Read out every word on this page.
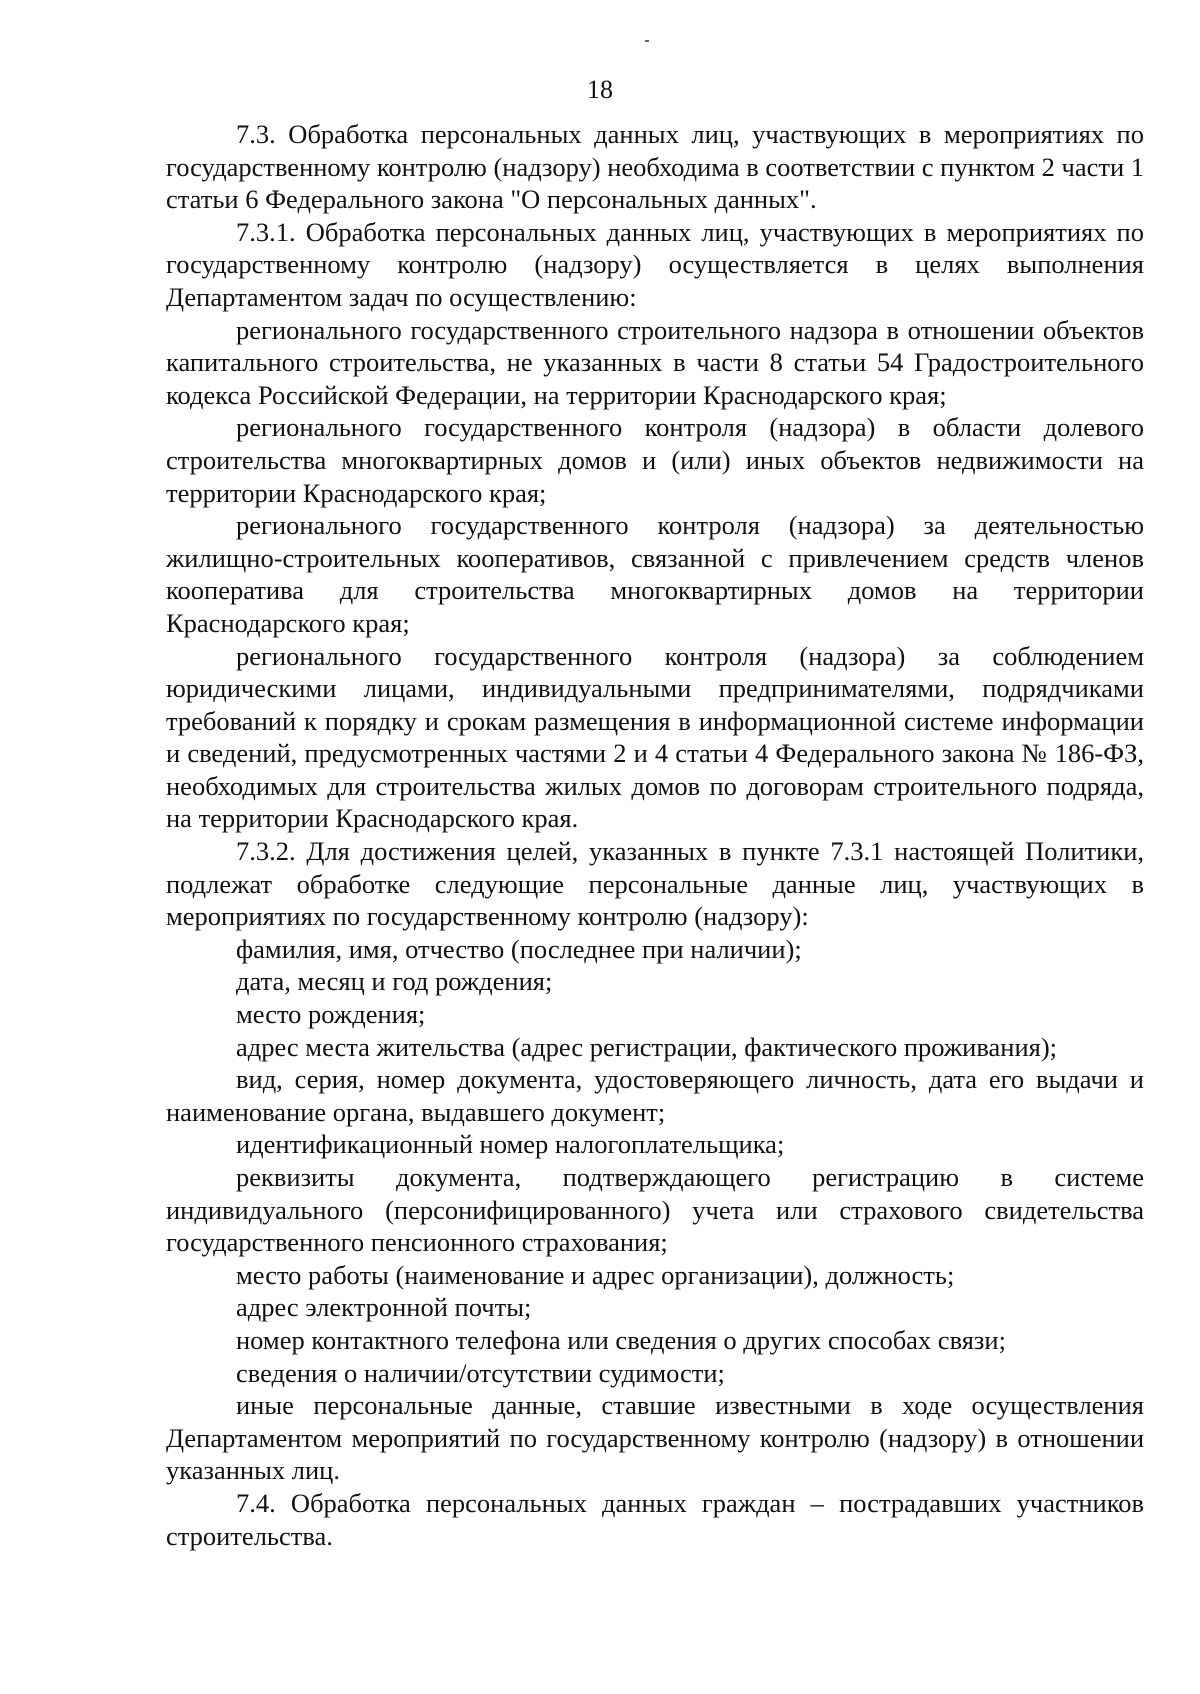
18

7.3. Обработка персональных данных лиц, участвующих в мероприятиях по государственному контролю (надзору) необходима в соответствии с пунктом 2 части 1 статьи 6 Федерального закона "О персональных данных".

7.3.1. Обработка персональных данных лиц, участвующих в мероприятиях по государственному контролю (надзору) осуществляется в целях выполнения Департаментом задач по осуществлению:

регионального государственного строительного надзора в отношении объектов капитального строительства, не указанных в части 8 статьи 54 Градостроительного кодекса Российской Федерации, на территории Краснодарского края;

регионального государственного контроля (надзора) в области долевого строительства многоквартирных домов и (или) иных объектов недвижимости на территории Краснодарского края;

регионального государственного контроля (надзора) за деятельностью жилищно-строительных кооперативов, связанной с привлечением средств членов кооператива для строительства многоквартирных домов на территории Краснодарского края;

регионального государственного контроля (надзора) за соблюдением юридическими лицами, индивидуальными предпринимателями, подрядчиками требований к порядку и срокам размещения в информационной системе информации и сведений, предусмотренных частями 2 и 4 статьи 4 Федерального закона № 186-ФЗ, необходимых для строительства жилых домов по договорам строительного подряда, на территории Краснодарского края.

7.3.2. Для достижения целей, указанных в пункте 7.3.1 настоящей Политики, подлежат обработке следующие персональные данные лиц, участвующих в мероприятиях по государственному контролю (надзору):

фамилия, имя, отчество (последнее при наличии);

дата, месяц и год рождения;

место рождения;

адрес места жительства (адрес регистрации, фактического проживания);

вид, серия, номер документа, удостоверяющего личность, дата его выдачи и наименование органа, выдавшего документ;

идентификационный номер налогоплательщика;

реквизиты документа, подтверждающего регистрацию в системе индивидуального (персонифицированного) учета или страхового свидетельства государственного пенсионного страхования;

место работы (наименование и адрес организации), должность;

адрес электронной почты;

номер контактного телефона или сведения о других способах связи;

сведения о наличии/отсутствии судимости;

иные персональные данные, ставшие известными в ходе осуществления Департаментом мероприятий по государственному контролю (надзору) в отношении указанных лиц.

7.4. Обработка персональных данных граждан – пострадавших участников строительства.
